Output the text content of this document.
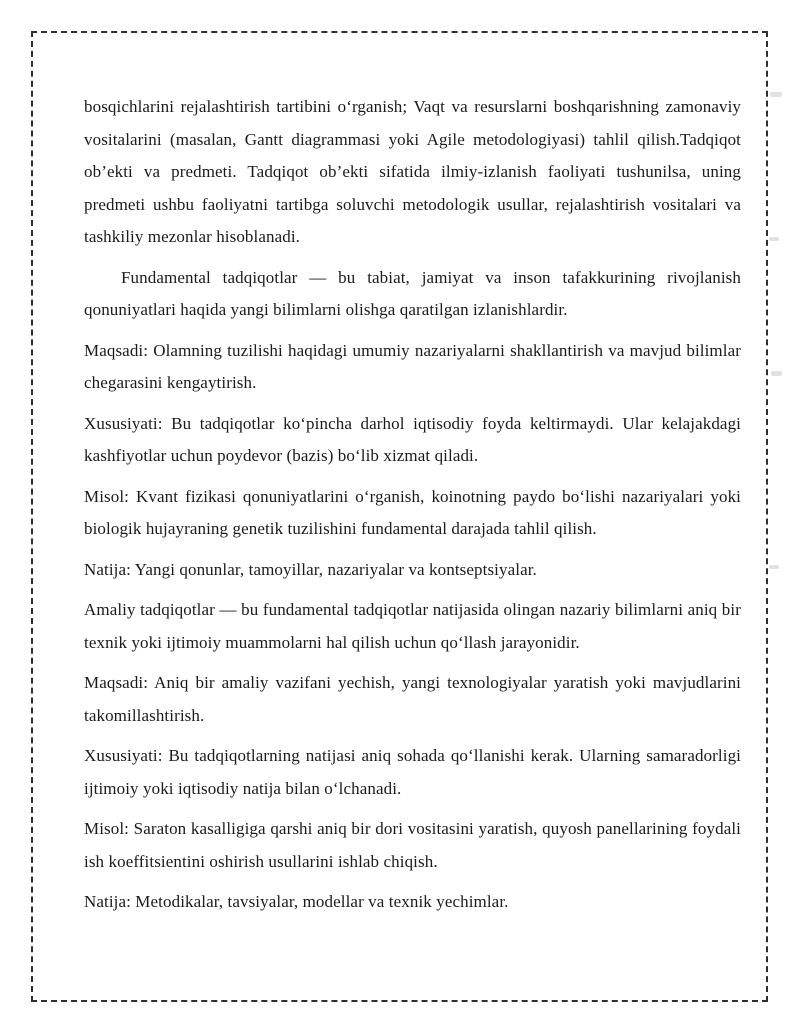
bosqichlarini rejalashtirish tartibini o‘rganish; Vaqt va resurslarni boshqarishning zamonaviy vositalarini (masalan, Gantt diagrammasi yoki Agile metodologiyasi) tahlil qilish.Tadqiqot ob’ekti va predmeti. Tadqiqot ob’ekti sifatida ilmiy-izlanish faoliyati tushunilsa, uning predmeti ushbu faoliyatni tartibga soluvchi metodologik usullar, rejalashtirish vositalari va tashkiliy mezonlar hisoblanadi.

Fundamental tadqiqotlar — bu tabiat, jamiyat va inson tafakkurining rivojlanish qonuniyatlari haqida yangi bilimlarni olishga qaratilgan izlanishlardir.

Maqsadi: Olamning tuzilishi haqidagi umumiy nazariyalarni shakllantirish va mavjud bilimlar chegarasini kengaytirish.

Xususiyati: Bu tadqiqotlar ko‘pincha darhol iqtisodiy foyda keltirmaydi. Ular kelajakdagi kashfiyotlar uchun poydevor (bazis) bo‘lib xizmat qiladi.

Misol: Kvant fizikasi qonuniyatlarini o‘rganish, koinotning paydo bo‘lishi nazariyalari yoki biologik hujayraning genetik tuzilishini fundamental darajada tahlil qilish.

Natija: Yangi qonunlar, tamoyillar, nazariyalar va kontseptsiyalar.

Amaliy tadqiqotlar — bu fundamental tadqiqotlar natijasida olingan nazariy bilimlarni aniq bir texnik yoki ijtimoiy muammolarni hal qilish uchun qo‘llash jarayonidir.

Maqsadi: Aniq bir amaliy vazifani yechish, yangi texnologiyalar yaratish yoki mavjudlarini takomillashtirish.

Xususiyati: Bu tadqiqotlarning natijasi aniq sohada qo‘llanishi kerak. Ularning samaradorligi ijtimoiy yoki iqtisodiy natija bilan o‘lchanadi.

Misol: Saraton kasalligiga qarshi aniq bir dori vositasini yaratish, quyosh panellarining foydali ish koeffitsientini oshirish usullarini ishlab chiqish.

Natija: Metodikalar, tavsiyalar, modellar va texnik yechimlar.
